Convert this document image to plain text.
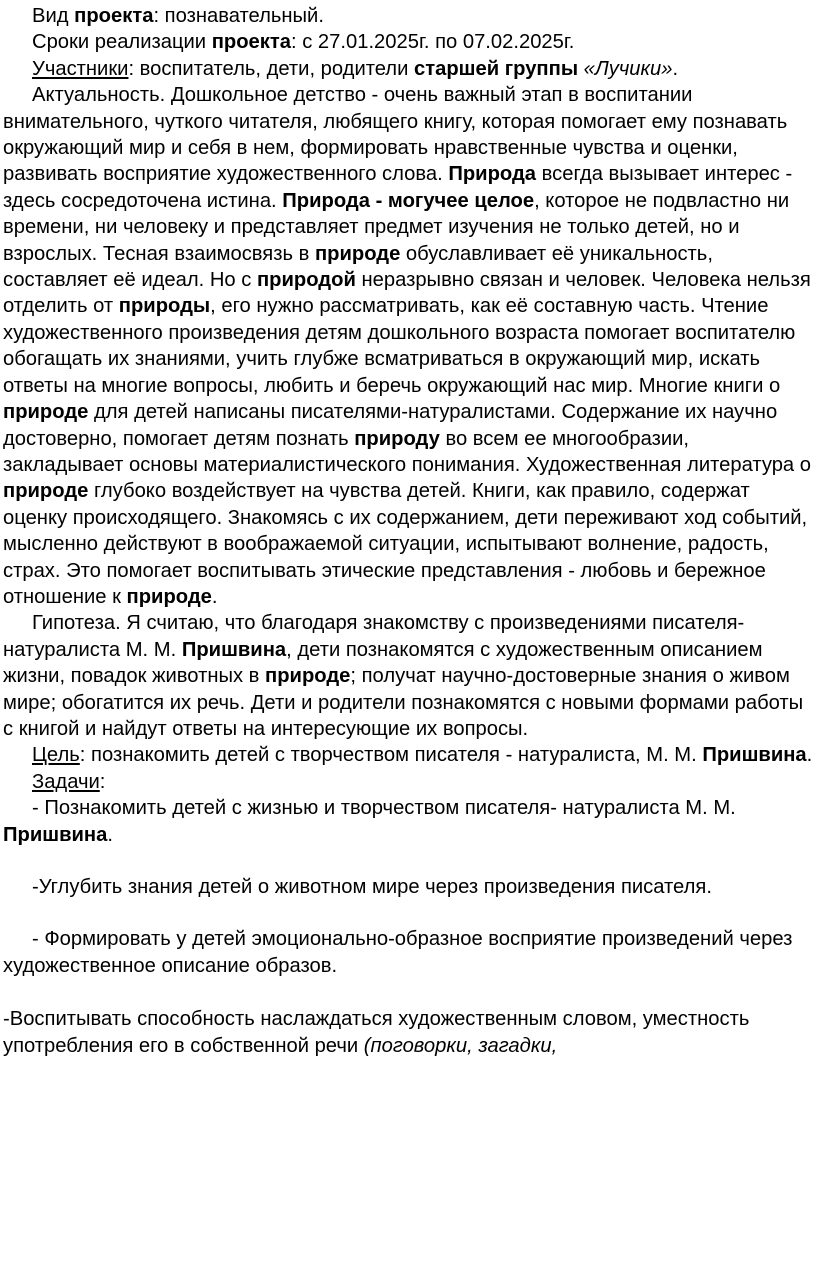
Вид проекта: познавательный.

Сроки реализации проекта: с 27.01.2025г. по 07.02.2025г.

Участники: воспитатель, дети, родители старшей группы «Лучики».

Актуальность. Дошкольное детство - очень важный этап в воспитании внимательного, чуткого читателя, любящего книгу, которая помогает ему познавать окружающий мир и себя в нем, формировать нравственные чувства и оценки, развивать восприятие художественного слова. Природа всегда вызывает интерес - здесь сосредоточена истина. Природа - могучее целое, которое не подвластно ни времени, ни человеку и представляет предмет изучения не только детей, но и взрослых. Тесная взаимосвязь в природе обуславливает её уникальность, составляет её идеал. Но с природой неразрывно связан и человек. Человека нельзя отделить от природы, его нужно рассматривать, как её составную часть. Чтение художественного произведения детям дошкольного возраста помогает воспитателю обогащать их знаниями, учить глубже всматриваться в окружающий мир, искать ответы на многие вопросы, любить и беречь окружающий нас мир. Многие книги о природе для детей написаны писателями-натуралистами. Содержание их научно достоверно, помогает детям познать природу во всем ее многообразии, закладывает основы материалистического понимания. Художественная литература о природе глубоко воздействует на чувства детей. Книги, как правило, содержат оценку происходящего. Знакомясь с их содержанием, дети переживают ход событий, мысленно действуют в воображаемой ситуации, испытывают волнение, радость, страх. Это помогает воспитывать этические представления - любовь и бережное отношение к природе.

Гипотеза. Я считаю, что благодаря знакомству с произведениями писателя-натуралиста М. М. Пришвина, дети познакомятся с художественным описанием жизни, повадок животных в природе; получат научно-достоверные знания о живом мире; обогатится их речь. Дети и родители познакомятся с новыми формами работы с книгой и найдут ответы на интересующие их вопросы.

Цель: познакомить детей с творчеством писателя - натуралиста, М. М. Пришвина.

Задачи:

- Познакомить детей с жизнью и творчеством писателя- натуралиста М. М. Пришвина.

-Углубить знания детей о животном мире через произведения писателя.

- Формировать у детей эмоционально-образное восприятие произведений через художественное описание образов.

-Воспитывать способность наслаждаться художественным словом, уместность употребления его в собственной речи (поговорки, загадки,
